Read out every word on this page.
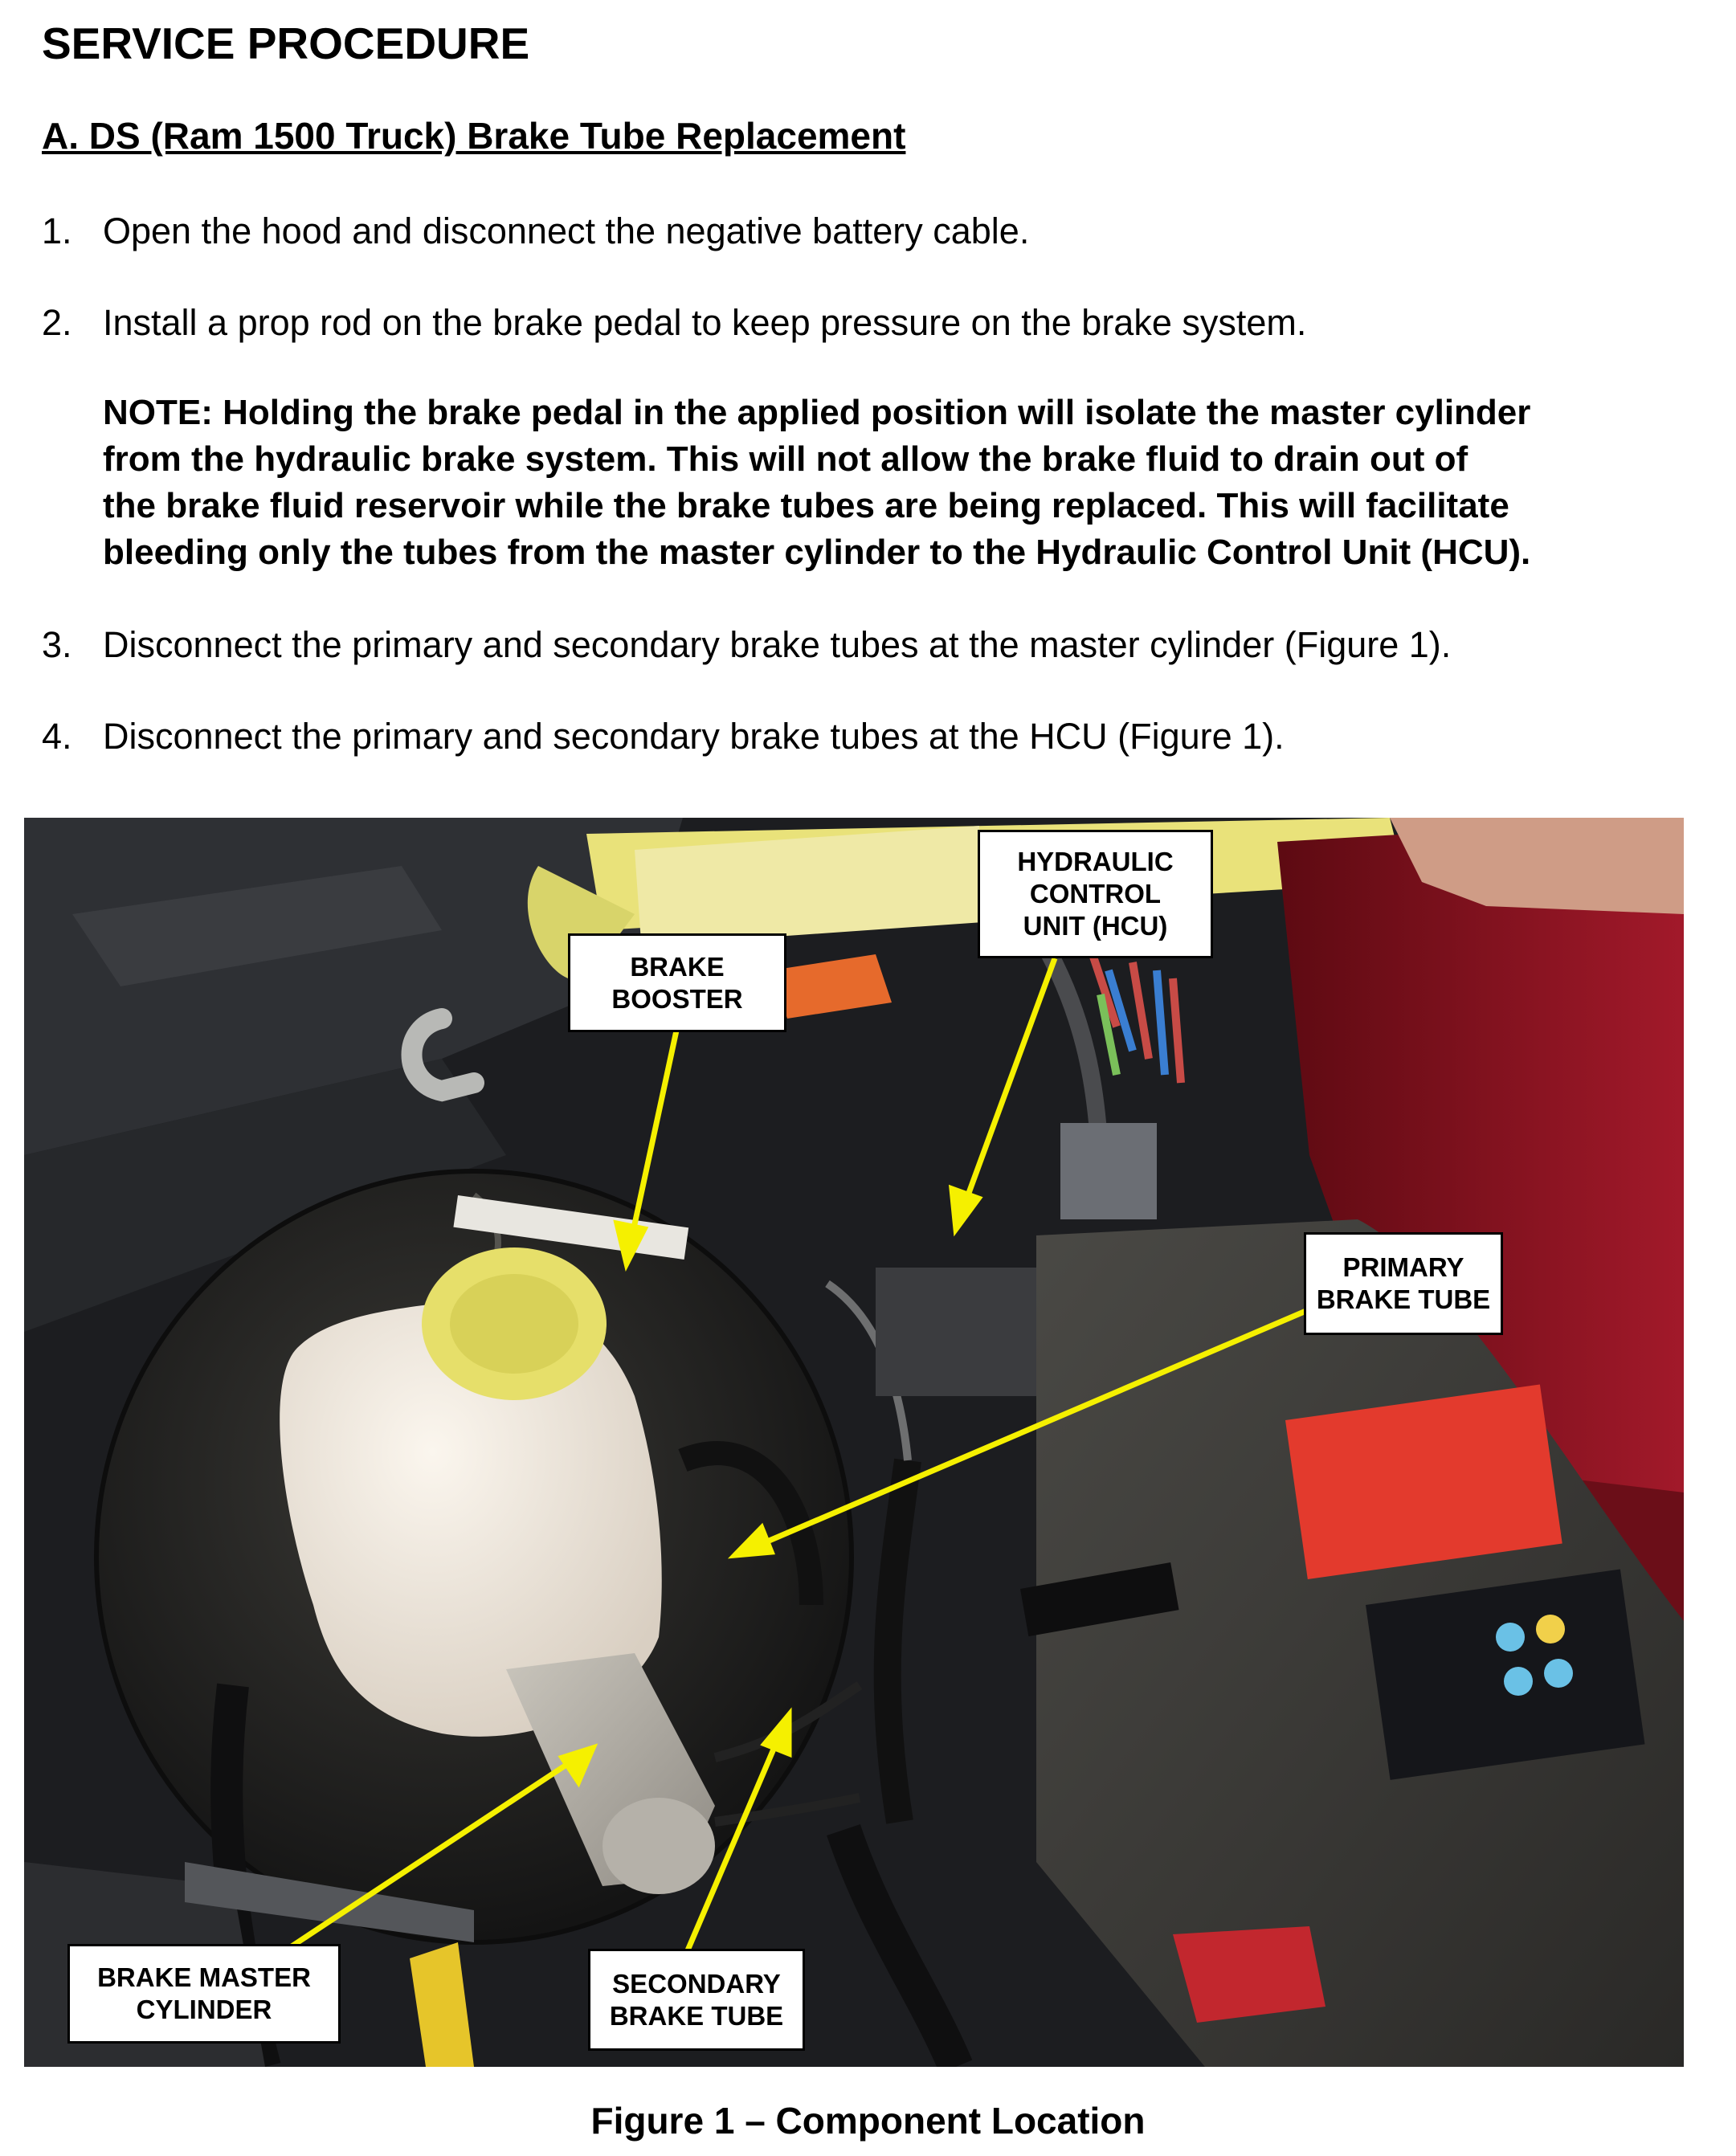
SERVICE PROCEDURE
A. DS (Ram 1500 Truck) Brake Tube Replacement
1. Open the hood and disconnect the negative battery cable.
2. Install a prop rod on the brake pedal to keep pressure on the brake system.

NOTE: Holding the brake pedal in the applied position will isolate the master cylinder

from the hydraulic brake system. This will not allow the brake fluid to drain out of

the brake fluid reservoir while the brake tubes are being replaced. This will facilitate

bleeding only the tubes from the master cylinder to the Hydraulic Control Unit (HCU).

3. Disconnect the primary and secondary brake tubes at the master cylinder (Figure 1).
4. Disconnect the primary and secondary brake tubes at the HCU (Figure 1).
HYDRAULIC
CONTROL
UNIT (HCU)
BRAKE
BOOSTER
PRIMARY
BRAKE TUBE
BRAKE MASTER
CYLINDER
SECONDARY
BRAKE TUBE
Figure 1 – Component Location
